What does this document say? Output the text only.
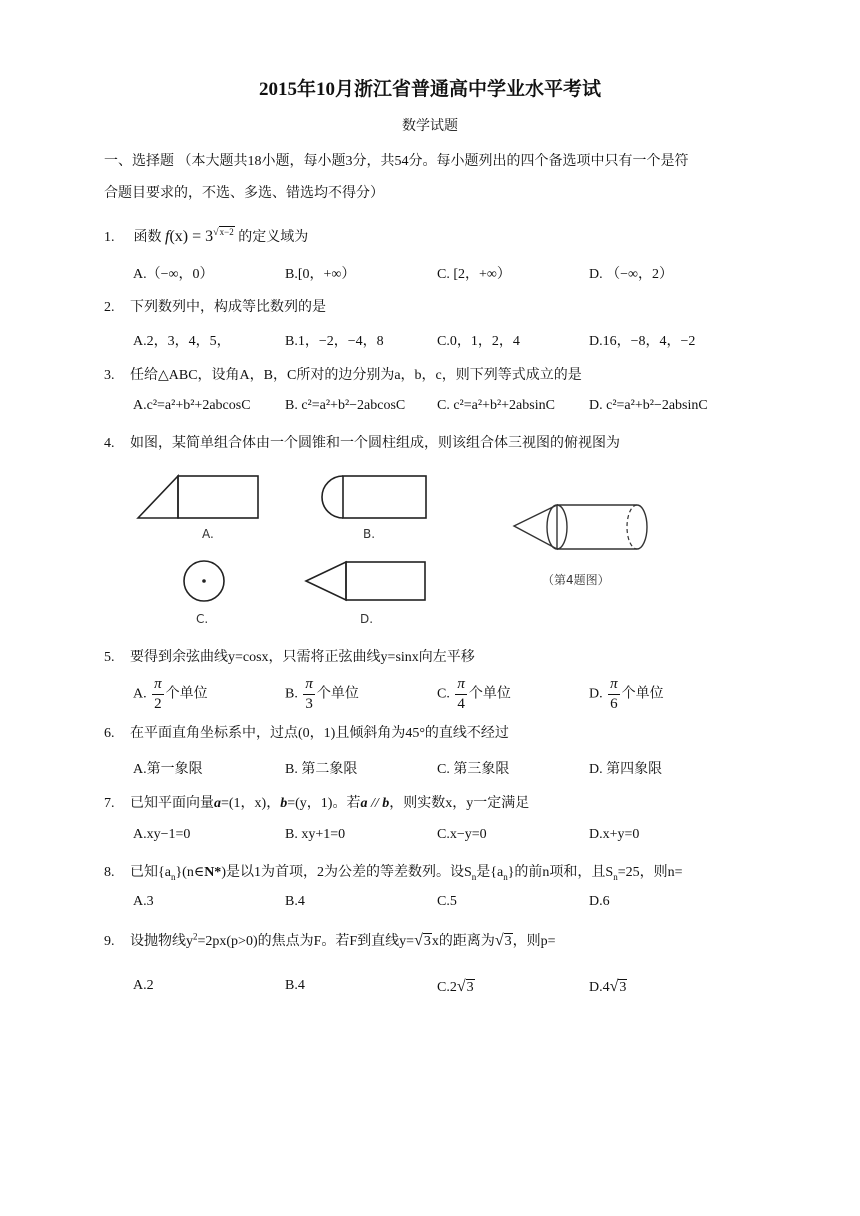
2015年10月浙江省普通高中学业水平考试
数学试题
一、选择题 （本大题共18小题，每小题3分，共54分。每小题列出的四个备选项中只有一个是符
合题目要求的，不选、多选、错选均不得分）
1. 函数 $f(x) = 3^{√x-2}$ 的定义域为
A.（−∞，0）	B.[0，+∞）	C. [2，+∞）	D. （−∞，2）
2. 下列数列中，构成等比数列的是
A.2，3，4，5，	B.1，−2，−4，8	C.0，1，2，4	D.16，−8，4，−2
3. 任给△ABC，设角A，B，C所对的边分别为a，b，c，则下列等式成立的是
A.c²=a²+b²+2abcosC B. c²=a²+b²−2abcosC C. c²=a²+b²+2absinC D. c²=a²+b²−2absinC
4. 如图，某简单组合体由一个圆锥和一个圆柱组成，则该组合体三视图的俯视图为
A.	B.
C.	D.
（第4题图）
5. 要得到余弦曲线y=cosx，只需将正弦曲线y=sinx向左平移
A. $\frac{\pi}{2}$ 个单位	B. $\frac{\pi}{3}$ 个单位	C. $\frac{\pi}{4}$ 个单位	D. $\frac{\pi}{6}$ 个单位
6. 在平面直角坐标系中，过点(0，1)且倾斜角为45°的直线不经过
A.第一象限	B. 第二象限	C. 第三象限	D. 第四象限
7. 已知平面向量a=(1，x)，b=(y，1)。若a // b，则实数x，y一定满足
A.xy−1=0	B. xy+1=0	C.x−y=0	D.x+y=0
8. 已知$\{a_n\}(n\in N*)$是以1为首项，2为公差的等差数列。设$S_n$是$\{a_n\}$的前n项和，且$S_n=25$，则n=
A.3	B.4	C.5	D.6
9. 设抛物线$y^2=2px(p>0)$的焦点为F。若F到直线y=√3x的距离为√3，则p=
A.2	B.4	C.2√3	D.4√3
